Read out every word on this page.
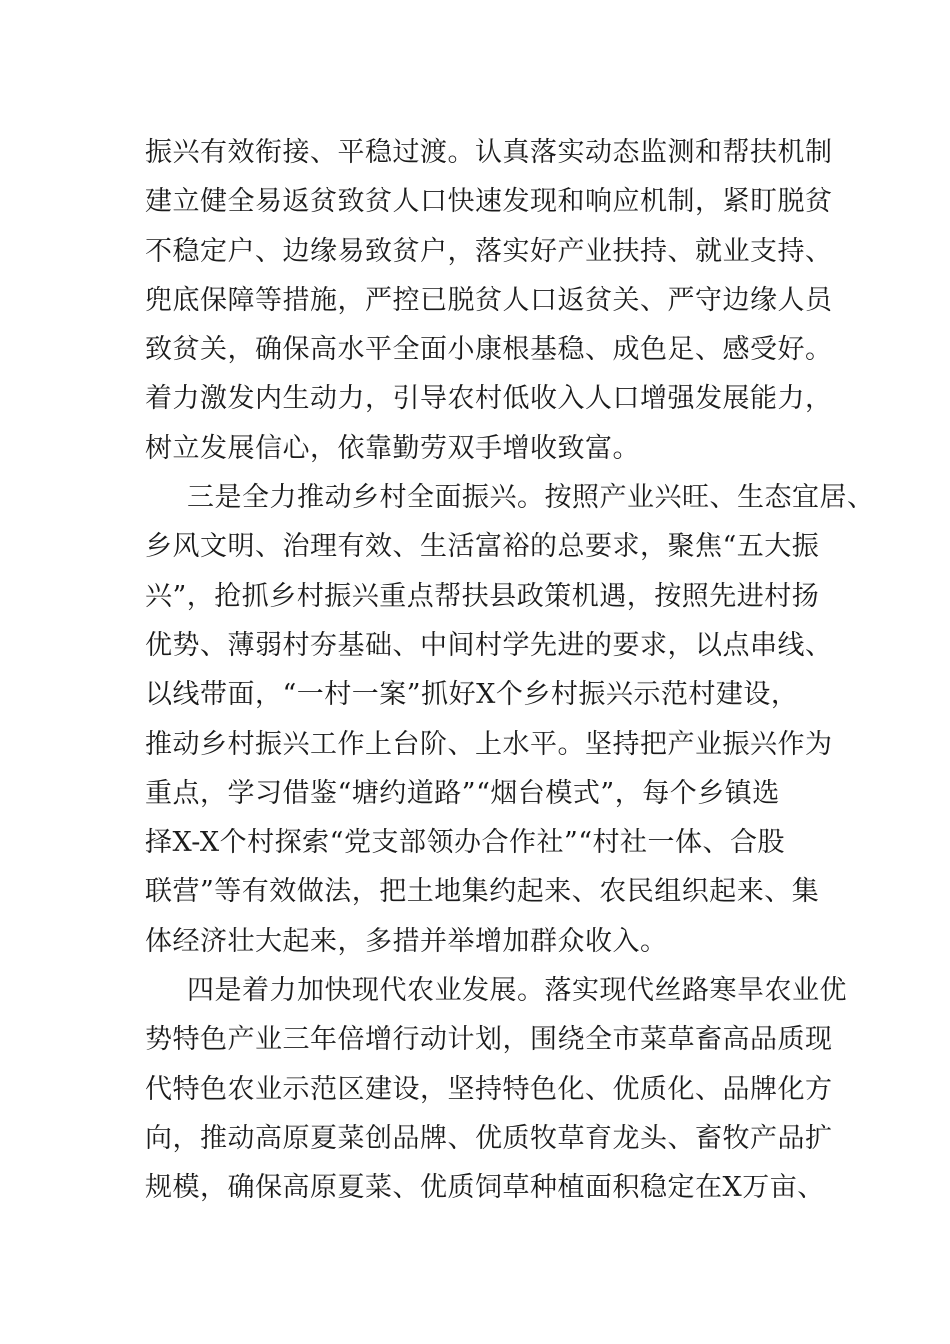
振兴有效衔接、平稳过渡。认真落实动态监测和帮扶机制
建立健全易返贫致贫人口快速发现和响应机制，紧盯脱贫
不稳定户、边缘易致贫户，落实好产业扶持、就业支持、
兜底保障等措施，严控已脱贫人口返贫关、严守边缘人员
致贫关，确保高水平全面小康根基稳、成色足、感受好。
着力激发内生动力，引导农村低收入人口增强发展能力，
树立发展信心，依靠勤劳双手增收致富。
三是全力推动乡村全面振兴。按照产业兴旺、生态宜居、
乡风文明、治理有效、生活富裕的总要求，聚焦“五大振
兴”，抢抓乡村振兴重点帮扶县政策机遇，按照先进村扬
优势、薄弱村夯基础、中间村学先进的要求，以点串线、
以线带面，“一村一案”抓好X个乡村振兴示范村建设，
推动乡村振兴工作上台阶、上水平。坚持把产业振兴作为
重点，学习借鉴“塘约道路”“烟台模式”，每个乡镇选
择X-X个村探索“党支部领办合作社”“村社一体、合股
联营”等有效做法，把土地集约起来、农民组织起来、集
体经济壮大起来，多措并举增加群众收入。
四是着力加快现代农业发展。落实现代丝路寒旱农业优
势特色产业三年倍增行动计划，围绕全市菜草畜高品质现
代特色农业示范区建设，坚持特色化、优质化、品牌化方
向，推动高原夏菜创品牌、优质牧草育龙头、畜牧产品扩
规模，确保高原夏菜、优质饲草种植面积稳定在X万亩、
